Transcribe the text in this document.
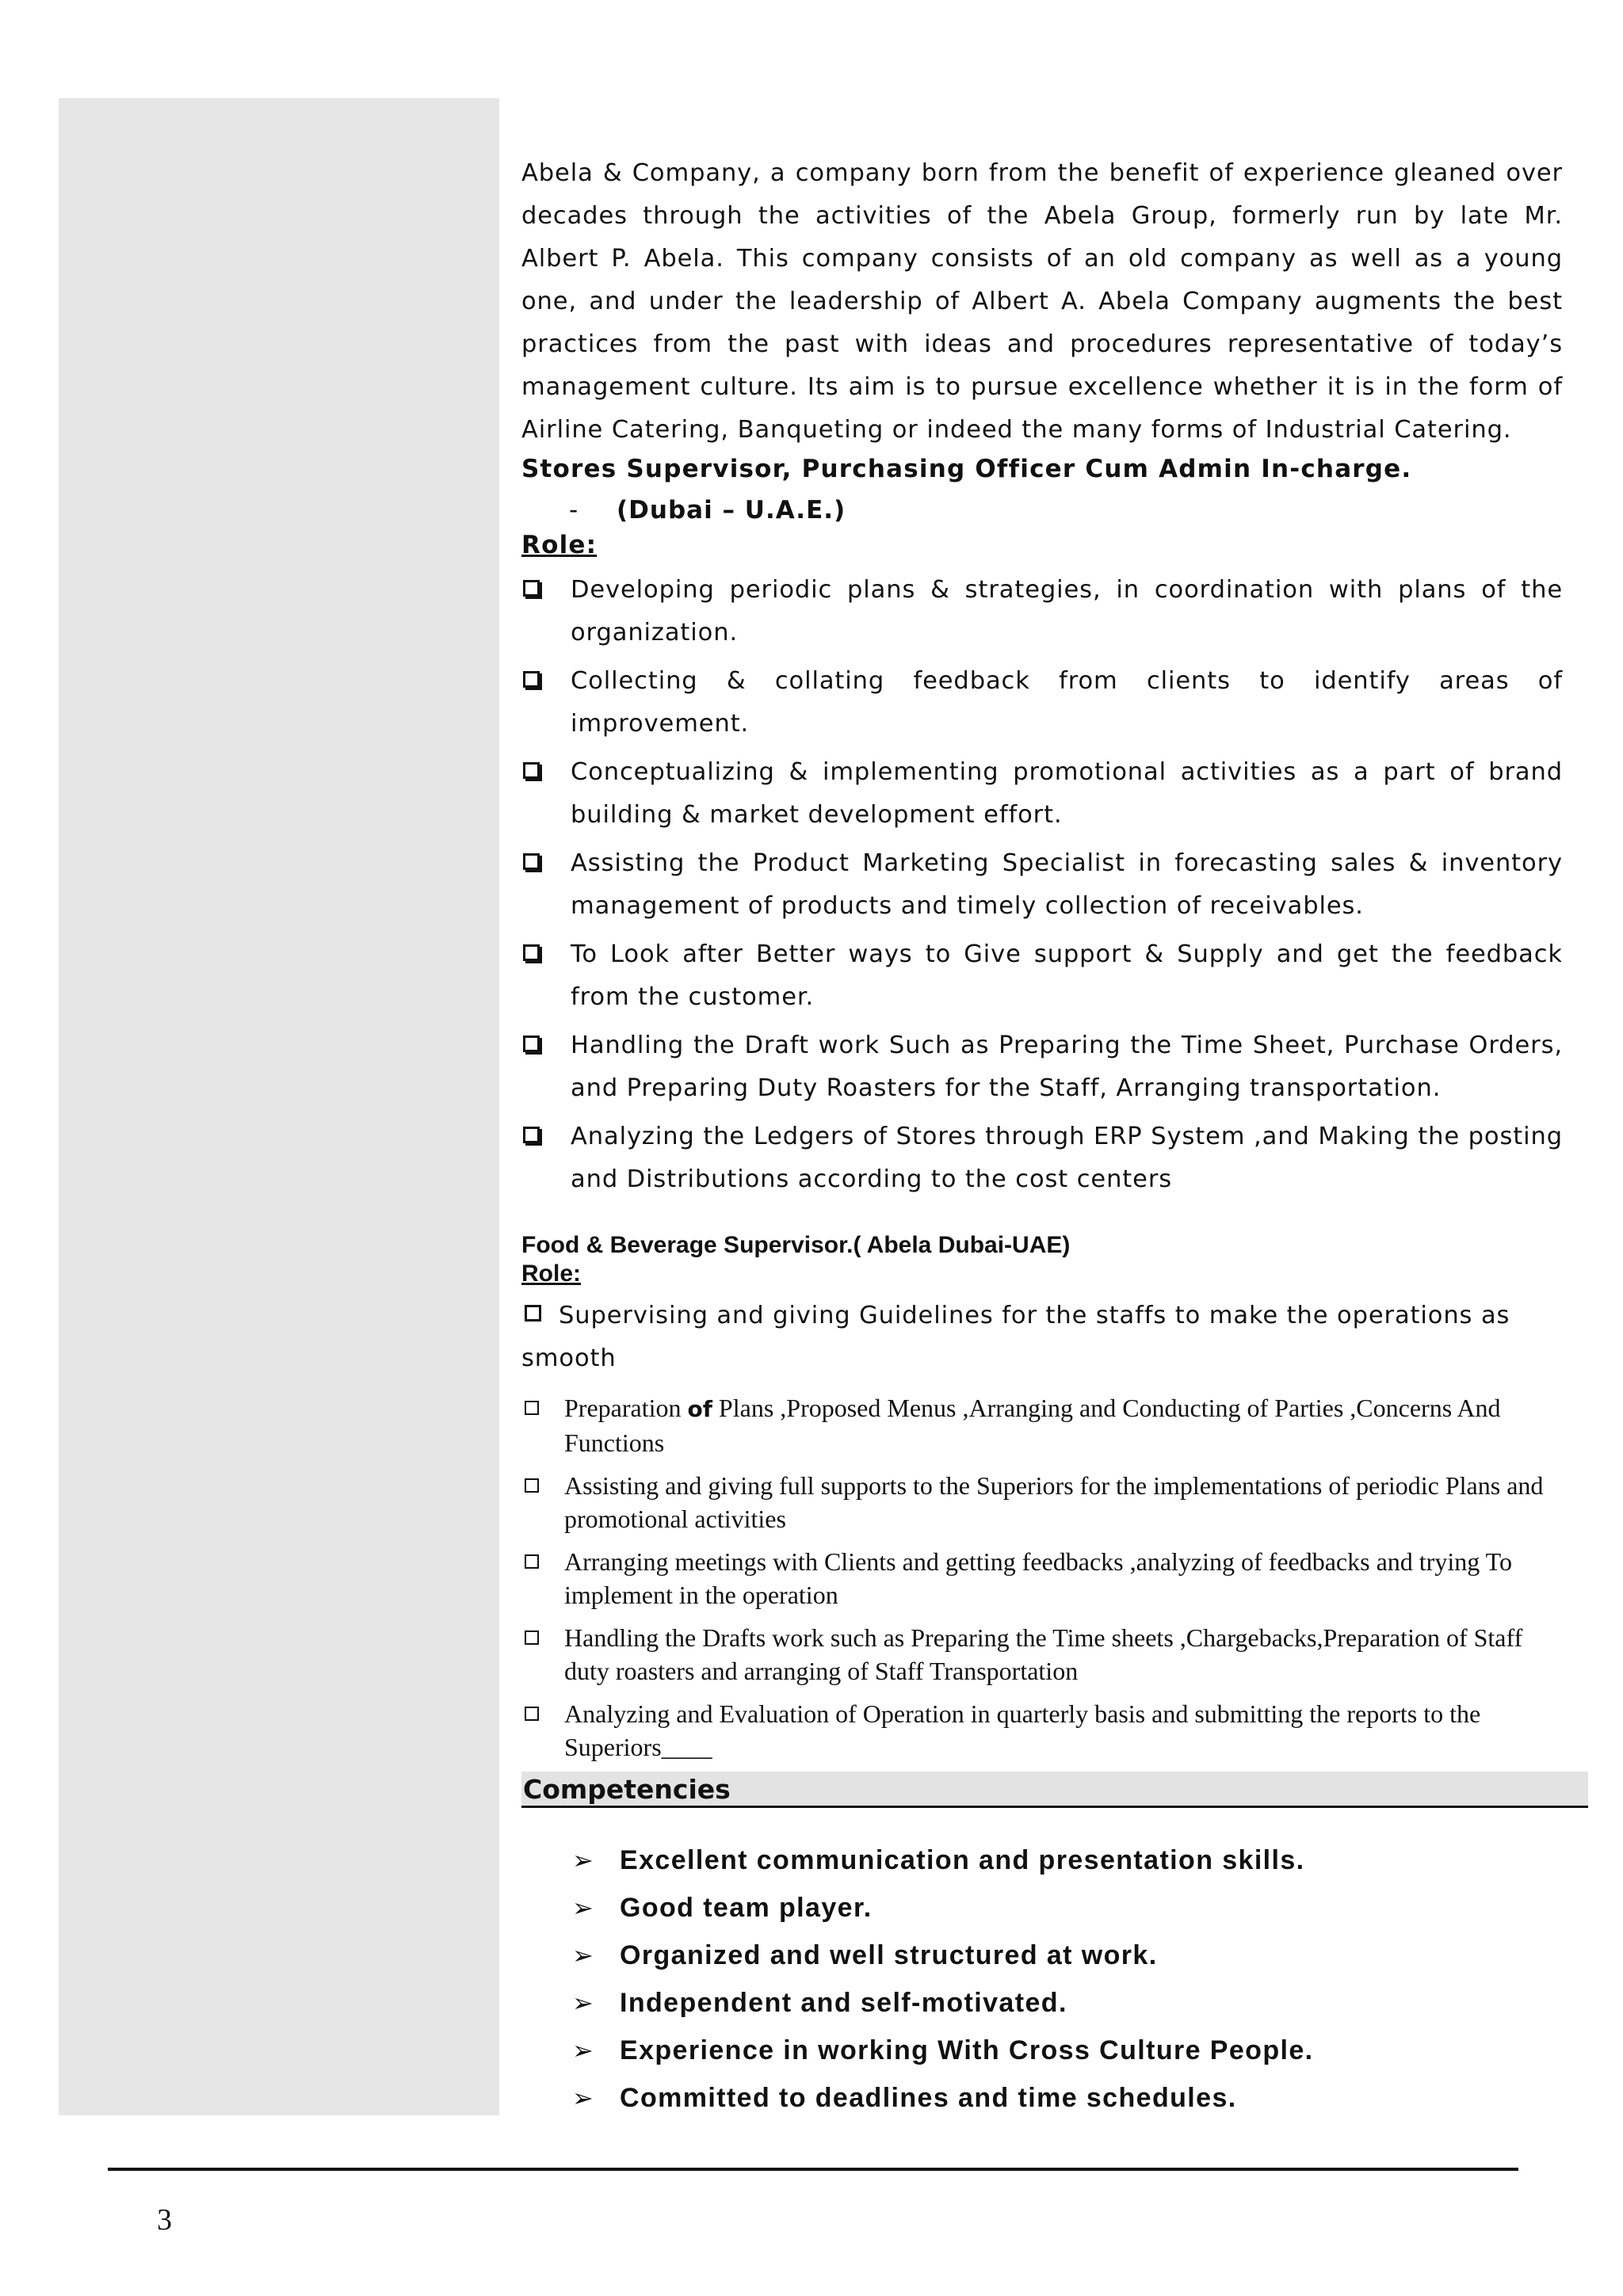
Abela & Company, a company born from the benefit of experience gleaned over decades through the activities of the Abela Group, formerly run by late Mr. Albert P. Abela. This company consists of an old company as well as a young one, and under the leadership of Albert A. Abela Company augments the best practices from the past with ideas and procedures representative of today’s management culture. Its aim is to pursue excellence whether it is in the form of Airline Catering, Banqueting or indeed the many forms of Industrial Catering.

Stores Supervisor, Purchasing Officer Cum Admin In-charge.

- (Dubai – U.A.E.)

Role:

Developing periodic plans & strategies, in coordination with plans of the organization.
Collecting & collating feedback from clients to identify areas of improvement.
Conceptualizing & implementing promotional activities as a part of brand building & market development effort.
Assisting the Product Marketing Specialist in forecasting sales & inventory management of products and timely collection of receivables.
To Look after Better ways to Give support & Supply and get the feedback from the customer.
Handling the Draft work Such as Preparing the Time Sheet, Purchase Orders, and Preparing Duty Roasters for the Staff, Arranging transportation.
Analyzing the Ledgers of Stores through ERP System ,and Making the posting and Distributions according to the cost centers

Food & Beverage Supervisor.( Abela Dubai-UAE)

Role:

Supervising and giving Guidelines for the staffs to make the operations as smooth

Preparation of Plans ,Proposed Menus ,Arranging and Conducting of Parties ,Concerns And Functions
Assisting and giving full supports to the Superiors for the implementations of periodic Plans and promotional activities
Arranging meetings with Clients and getting feedbacks ,analyzing of feedbacks and trying To implement in the operation
Handling the Drafts work such as Preparing the Time sheets ,Chargebacks,Preparation of Staff duty roasters and arranging of Staff Transportation
Analyzing and Evaluation of Operation in quarterly basis and submitting the reports to the Superiors____
Competencies
➢ Excellent communication and presentation skills.
➢ Good team player.
➢ Organized and well structured at work.
➢ Independent and self-motivated.
➢ Experience in working With Cross Culture People.
➢ Committed to deadlines and time schedules.
3
